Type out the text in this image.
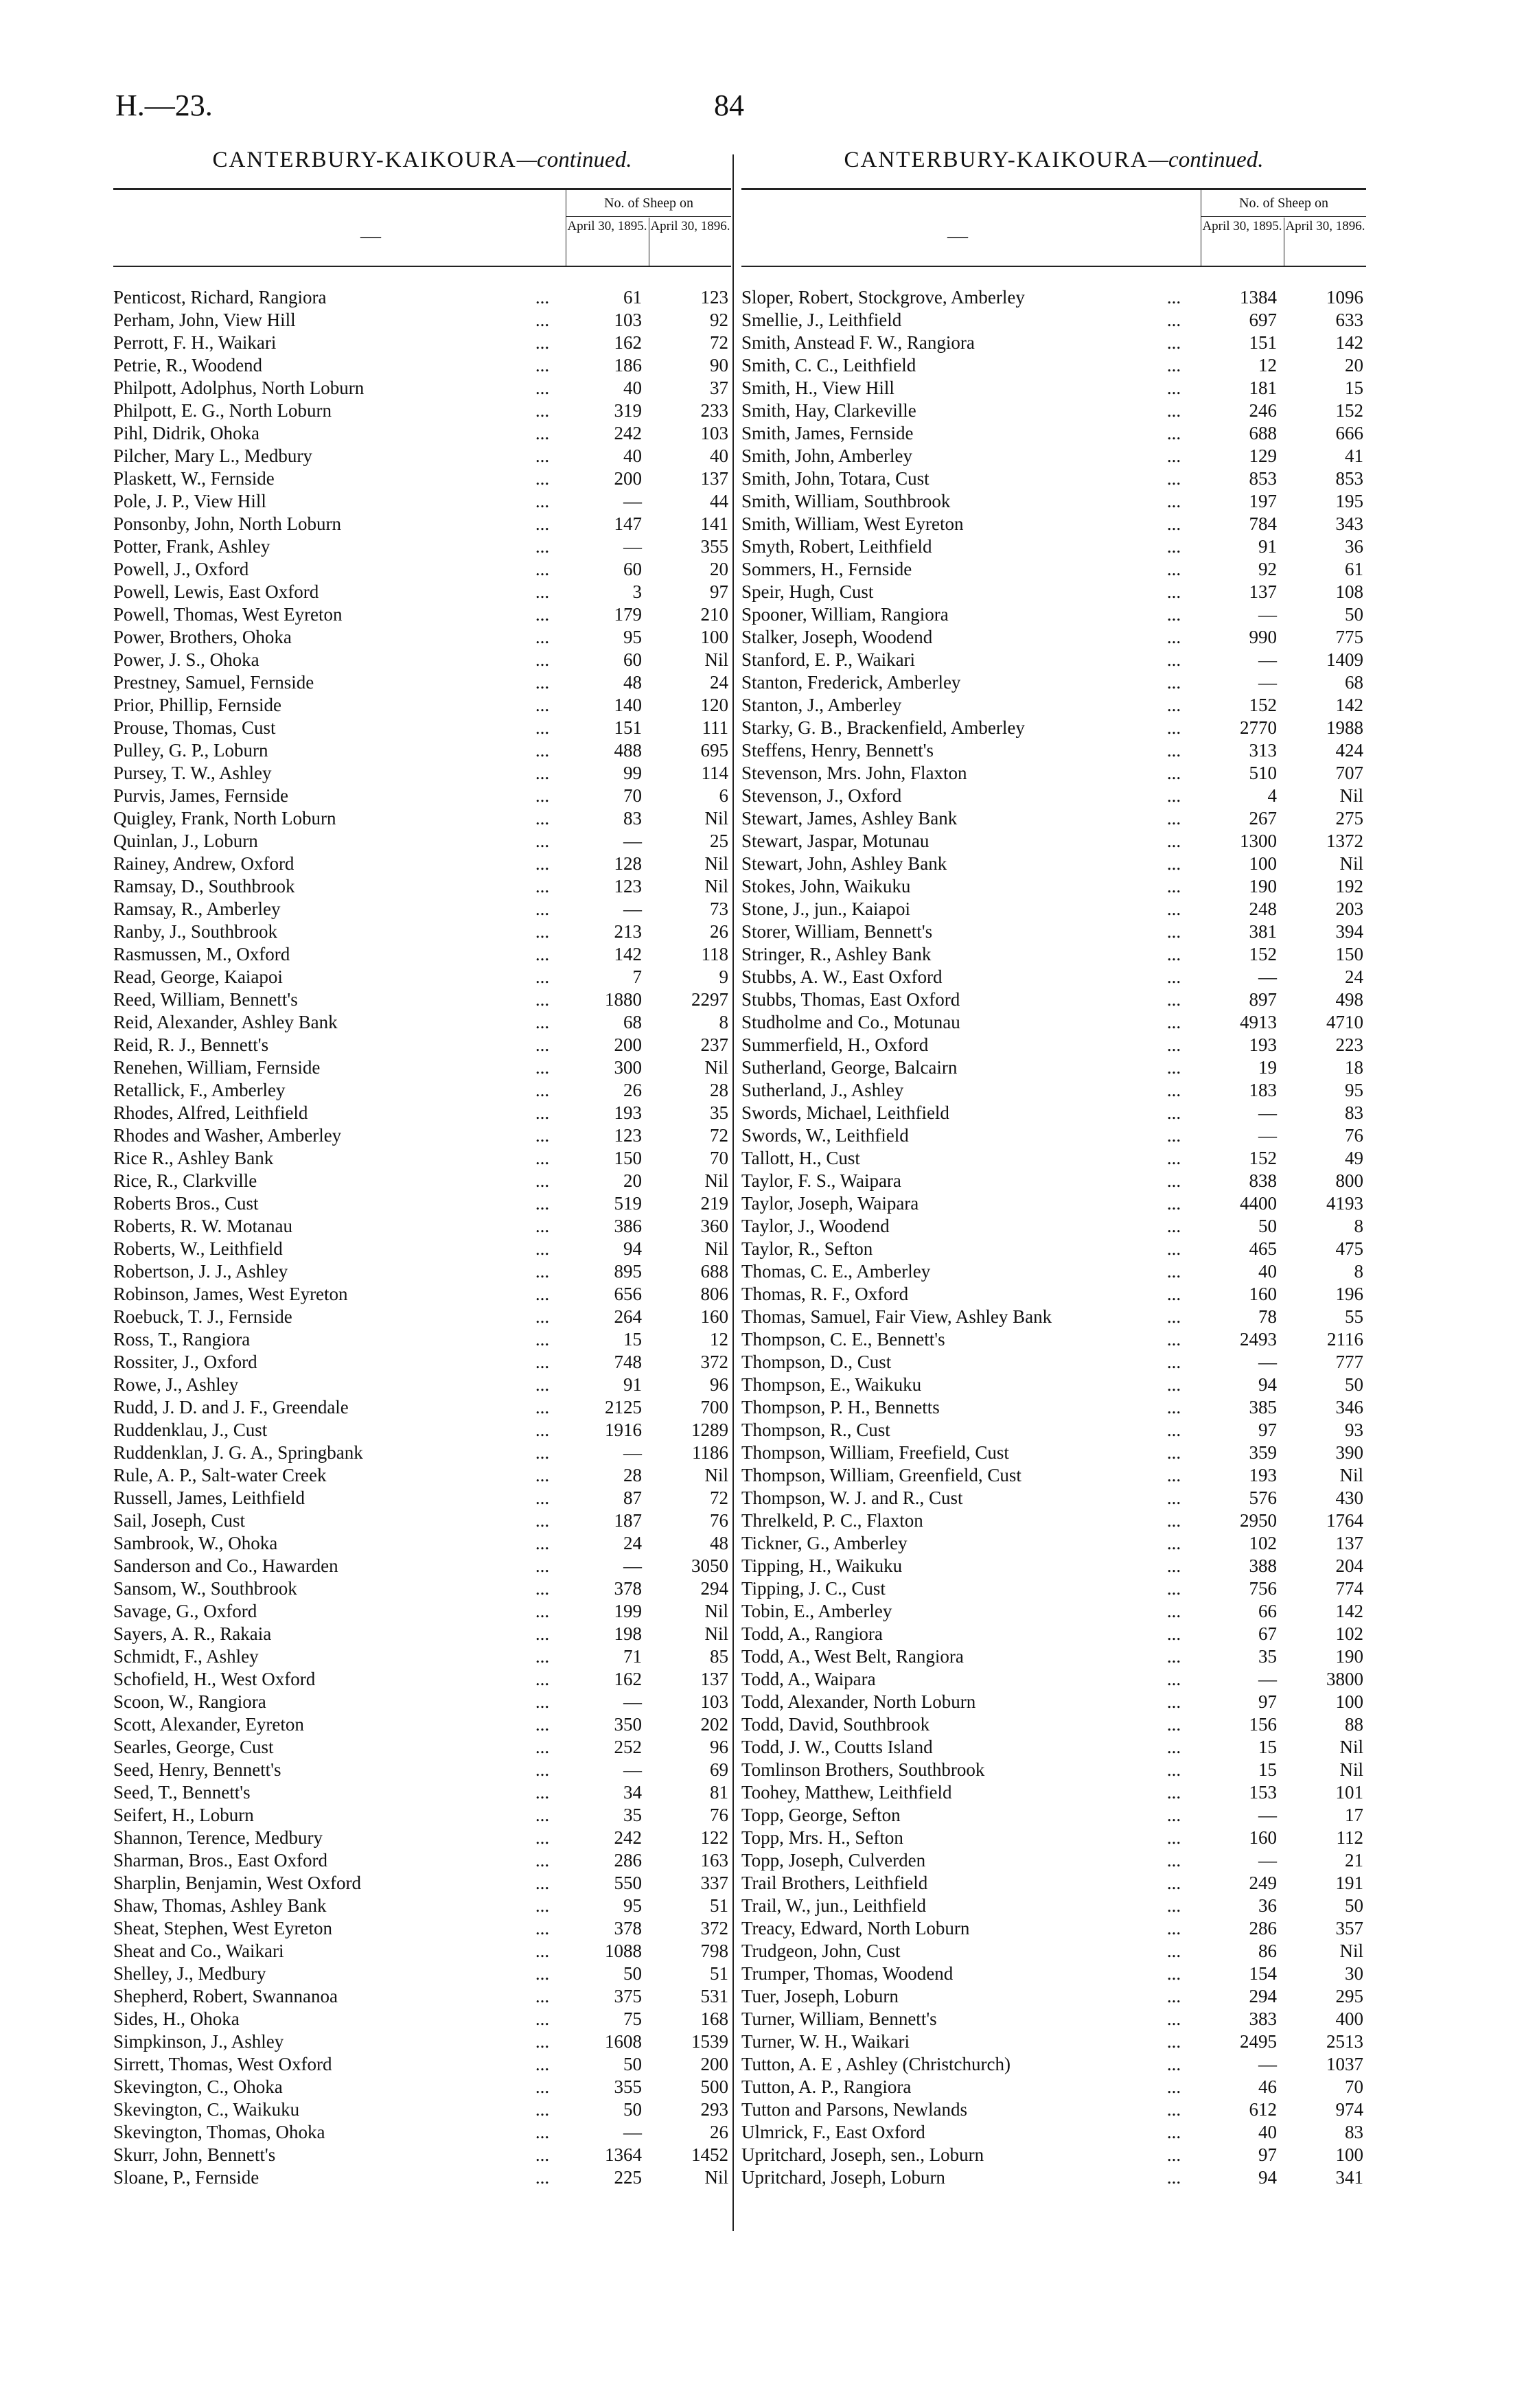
H.—23.	84
CANTERBURY-KAIKOURA—continued.
—
No. of Sheep on
April 30, 1895. April 30, 1896.
Penticost, Richard, Rangiora	...	61	123
Perham, John, View Hill	...	103	92
Perrott, F. H., Waikari	...	162	72
Petrie, R., Woodend	...	186	90
Philpott, Adolphus, North Loburn	...	40	37
Philpott, E. G., North Loburn	...	319	233
Pihl, Didrik, Ohoka	...	242	103
Pilcher, Mary L., Medbury	...	40	40
Plaskett, W., Fernside	...	200	137
Pole, J. P., View Hill	...	—	44
Ponsonby, John, North Loburn	...	147	141
Potter, Frank, Ashley	...	—	355
Powell, J., Oxford	...	60	20
Powell, Lewis, East Oxford	...	3	97
Powell, Thomas, West Eyreton	...	179	210
Power, Brothers, Ohoka	...	95	100
Power, J. S., Ohoka	...	60	Nil
Prestney, Samuel, Fernside	...	48	24
Prior, Phillip, Fernside	...	140	120
Prouse, Thomas, Cust	...	151	111
Pulley, G. P., Loburn	...	488	695
Pursey, T. W., Ashley	...	99	114
Purvis, James, Fernside	...	70	6
Quigley, Frank, North Loburn	...	83	Nil
Quinlan, J., Loburn	...	—	25
Rainey, Andrew, Oxford	...	128	Nil
Ramsay, D., Southbrook	...	123	Nil
Ramsay, R., Amberley	...	—	73
Ranby, J., Southbrook	...	213	26
Rasmussen, M., Oxford	...	142	118
Read, George, Kaiapoi	...	7	9
Reed, William, Bennett's	...	1880	2297
Reid, Alexander, Ashley Bank	...	68	8
Reid, R. J., Bennett's	...	200	237
Renehen, William, Fernside	...	300	Nil
Retallick, F., Amberley	...	26	28
Rhodes, Alfred, Leithfield	...	193	35
Rhodes and Washer, Amberley	...	123	72
Rice R., Ashley Bank	...	150	70
Rice, R., Clarkville	...	20	Nil
Roberts Bros., Cust	...	519	219
Roberts, R. W. Motanau	...	386	360
Roberts, W., Leithfield	...	94	Nil
Robertson, J. J., Ashley	...	895	688
Robinson, James, West Eyreton	...	656	806
Roebuck, T. J., Fernside	...	264	160
Ross, T., Rangiora	...	15	12
Rossiter, J., Oxford	...	748	372
Rowe, J., Ashley	...	91	96
Rudd, J. D. and J. F., Greendale	...	2125	700
Ruddenklau, J., Cust	...	1916	1289
Ruddenklan, J. G. A., Springbank	...	—	1186
Rule, A. P., Salt-water Creek	...	28	Nil
Russell, James, Leithfield	...	87	72
Sail, Joseph, Cust	...	187	76
Sambrook, W., Ohoka	...	24	48
Sanderson and Co., Hawarden	...	—	3050
Sansom, W., Southbrook	...	378	294
Savage, G., Oxford	...	199	Nil
Sayers, A. R., Rakaia	...	198	Nil
Schmidt, F., Ashley	...	71	85
Schofield, H., West Oxford	...	162	137
Scoon, W., Rangiora	...	—	103
Scott, Alexander, Eyreton	...	350	202
Searles, George, Cust	...	252	96
Seed, Henry, Bennett's	...	—	69
Seed, T., Bennett's	...	34	81
Seifert, H., Loburn	...	35	76
Shannon, Terence, Medbury	...	242	122
Sharman, Bros., East Oxford	...	286	163
Sharplin, Benjamin, West Oxford	...	550	337
Shaw, Thomas, Ashley Bank	...	95	51
Sheat, Stephen, West Eyreton	...	378	372
Sheat and Co., Waikari	...	1088	798
Shelley, J., Medbury	...	50	51
Shepherd, Robert, Swannanoa	...	375	531
Sides, H., Ohoka	...	75	168
Simpkinson, J., Ashley	...	1608	1539
Sirrett, Thomas, West Oxford	...	50	200
Skevington, C., Ohoka	...	355	500
Skevington, C., Waikuku	...	50	293
Skevington, Thomas, Ohoka	...	—	26
Skurr, John, Bennett's	...	1364	1452
Sloane, P., Fernside	...	225	Nil
CANTERBURY-KAIKOURA—continued.
—
No. of Sheep on
April 30, 1895. April 30, 1896.
Sloper, Robert, Stockgrove, Amberley	...	1384	1096
Smellie, J., Leithfield	...	697	633
Smith, Anstead F. W., Rangiora	...	151	142
Smith, C. C., Leithfield	...	12	20
Smith, H., View Hill	...	181	15
Smith, Hay, Clarkeville	...	246	152
Smith, James, Fernside	...	688	666
Smith, John, Amberley	...	129	41
Smith, John, Totara, Cust	...	853	853
Smith, William, Southbrook	...	197	195
Smith, William, West Eyreton	...	784	343
Smyth, Robert, Leithfield	...	91	36
Sommers, H., Fernside	...	92	61
Speir, Hugh, Cust	...	137	108
Spooner, William, Rangiora	...	—	50
Stalker, Joseph, Woodend	...	990	775
Stanford, E. P., Waikari	...	—	1409
Stanton, Frederick, Amberley	...	—	68
Stanton, J., Amberley	...	152	142
Starky, G. B., Brackenfield, Amberley	...	2770	1988
Steffens, Henry, Bennett's	...	313	424
Stevenson, Mrs. John, Flaxton	...	510	707
Stevenson, J., Oxford	...	4	Nil
Stewart, James, Ashley Bank	...	267	275
Stewart, Jaspar, Motunau	...	1300	1372
Stewart, John, Ashley Bank	...	100	Nil
Stokes, John, Waikuku	...	190	192
Stone, J., jun., Kaiapoi	...	248	203
Storer, William, Bennett's	...	381	394
Stringer, R., Ashley Bank	...	152	150
Stubbs, A. W., East Oxford	...	—	24
Stubbs, Thomas, East Oxford	...	897	498
Studholme and Co., Motunau	...	4913	4710
Summerfield, H., Oxford	...	193	223
Sutherland, George, Balcairn	...	19	18
Sutherland, J., Ashley	...	183	95
Swords, Michael, Leithfield	...	—	83
Swords, W., Leithfield	...	—	76
Tallott, H., Cust	...	152	49
Taylor, F. S., Waipara	...	838	800
Taylor, Joseph, Waipara	...	4400	4193
Taylor, J., Woodend	...	50	8
Taylor, R., Sefton	...	465	475
Thomas, C. E., Amberley	...	40	8
Thomas, R. F., Oxford	...	160	196
Thomas, Samuel, Fair View, Ashley Bank	...	78	55
Thompson, C. E., Bennett's	...	2493	2116
Thompson, D., Cust	...	—	777
Thompson, E., Waikuku	...	94	50
Thompson, P. H., Bennetts	...	385	346
Thompson, R., Cust	...	97	93
Thompson, William, Freefield, Cust	...	359	390
Thompson, William, Greenfield, Cust	...	193	Nil
Thompson, W. J. and R., Cust	...	576	430
Threlkeld, P. C., Flaxton	...	2950	1764
Tickner, G., Amberley	...	102	137
Tipping, H., Waikuku	...	388	204
Tipping, J. C., Cust	...	756	774
Tobin, E., Amberley	...	66	142
Todd, A., Rangiora	...	67	102
Todd, A., West Belt, Rangiora	...	35	190
Todd, A., Waipara	...	—	3800
Todd, Alexander, North Loburn	...	97	100
Todd, David, Southbrook	...	156	88
Todd, J. W., Coutts Island	...	15	Nil
Tomlinson Brothers, Southbrook	...	15	Nil
Toohey, Matthew, Leithfield	...	153	101
Topp, George, Sefton	...	—	17
Topp, Mrs. H., Sefton	...	160	112
Topp, Joseph, Culverden	...	—	21
Trail Brothers, Leithfield	...	249	191
Trail, W., jun., Leithfield	...	36	50
Treacy, Edward, North Loburn	...	286	357
Trudgeon, John, Cust	...	86	Nil
Trumper, Thomas, Woodend	...	154	30
Tuer, Joseph, Loburn	...	294	295
Turner, William, Bennett's	...	383	400
Turner, W. H., Waikari	...	2495	2513
Tutton, A. E , Ashley (Christchurch)	...	—	1037
Tutton, A. P., Rangiora	...	46	70
Tutton and Parsons, Newlands	...	612	974
Ulmrick, F., East Oxford	...	40	83
Upritchard, Joseph, sen., Loburn	...	97	100
Upritchard, Joseph, Loburn	...	94	341
